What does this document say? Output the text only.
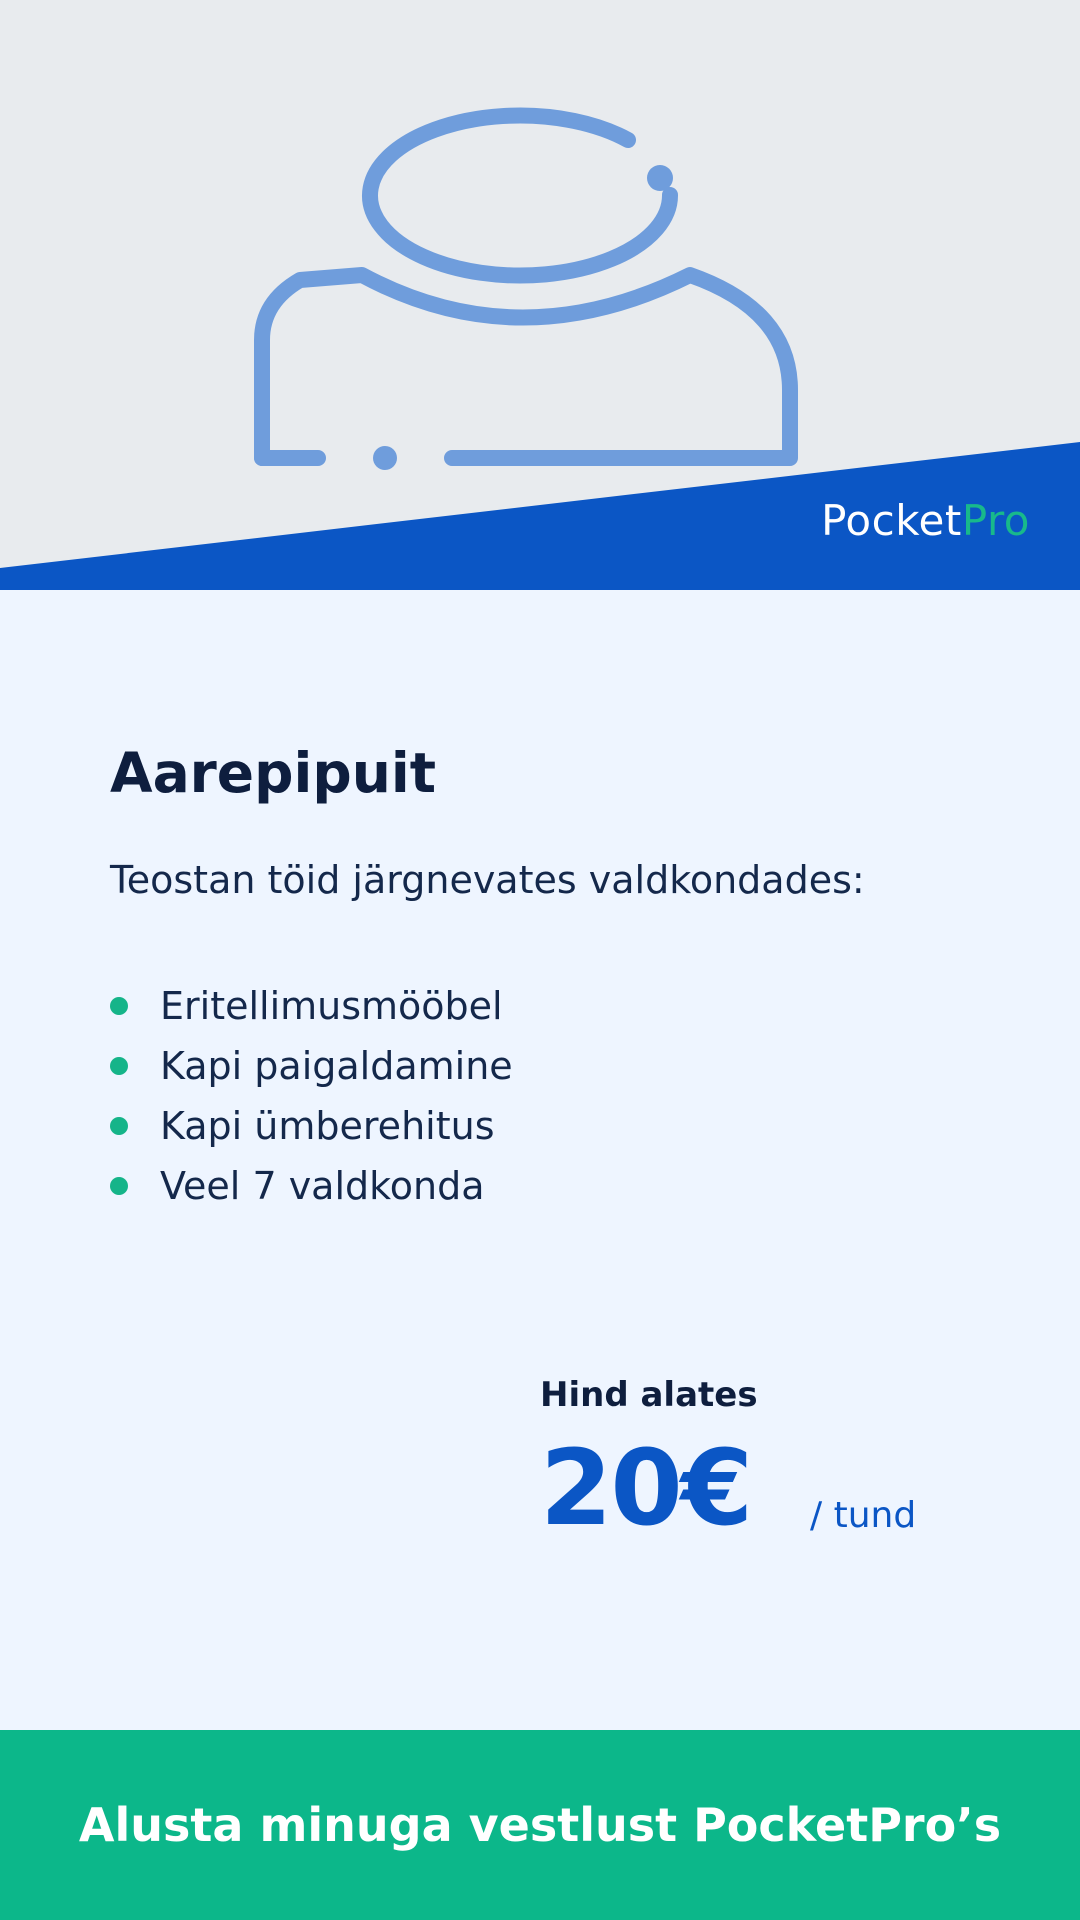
PocketPro
Aarepipuit

Teostan töid järgnevates valdkondades:

Eritellimusmööbel
Kapi paigaldamine
Kapi ümberehitus
Veel 7 valdkonda
Hind alates
20€ / tund
Alusta minuga vestlust PocketPro’s
